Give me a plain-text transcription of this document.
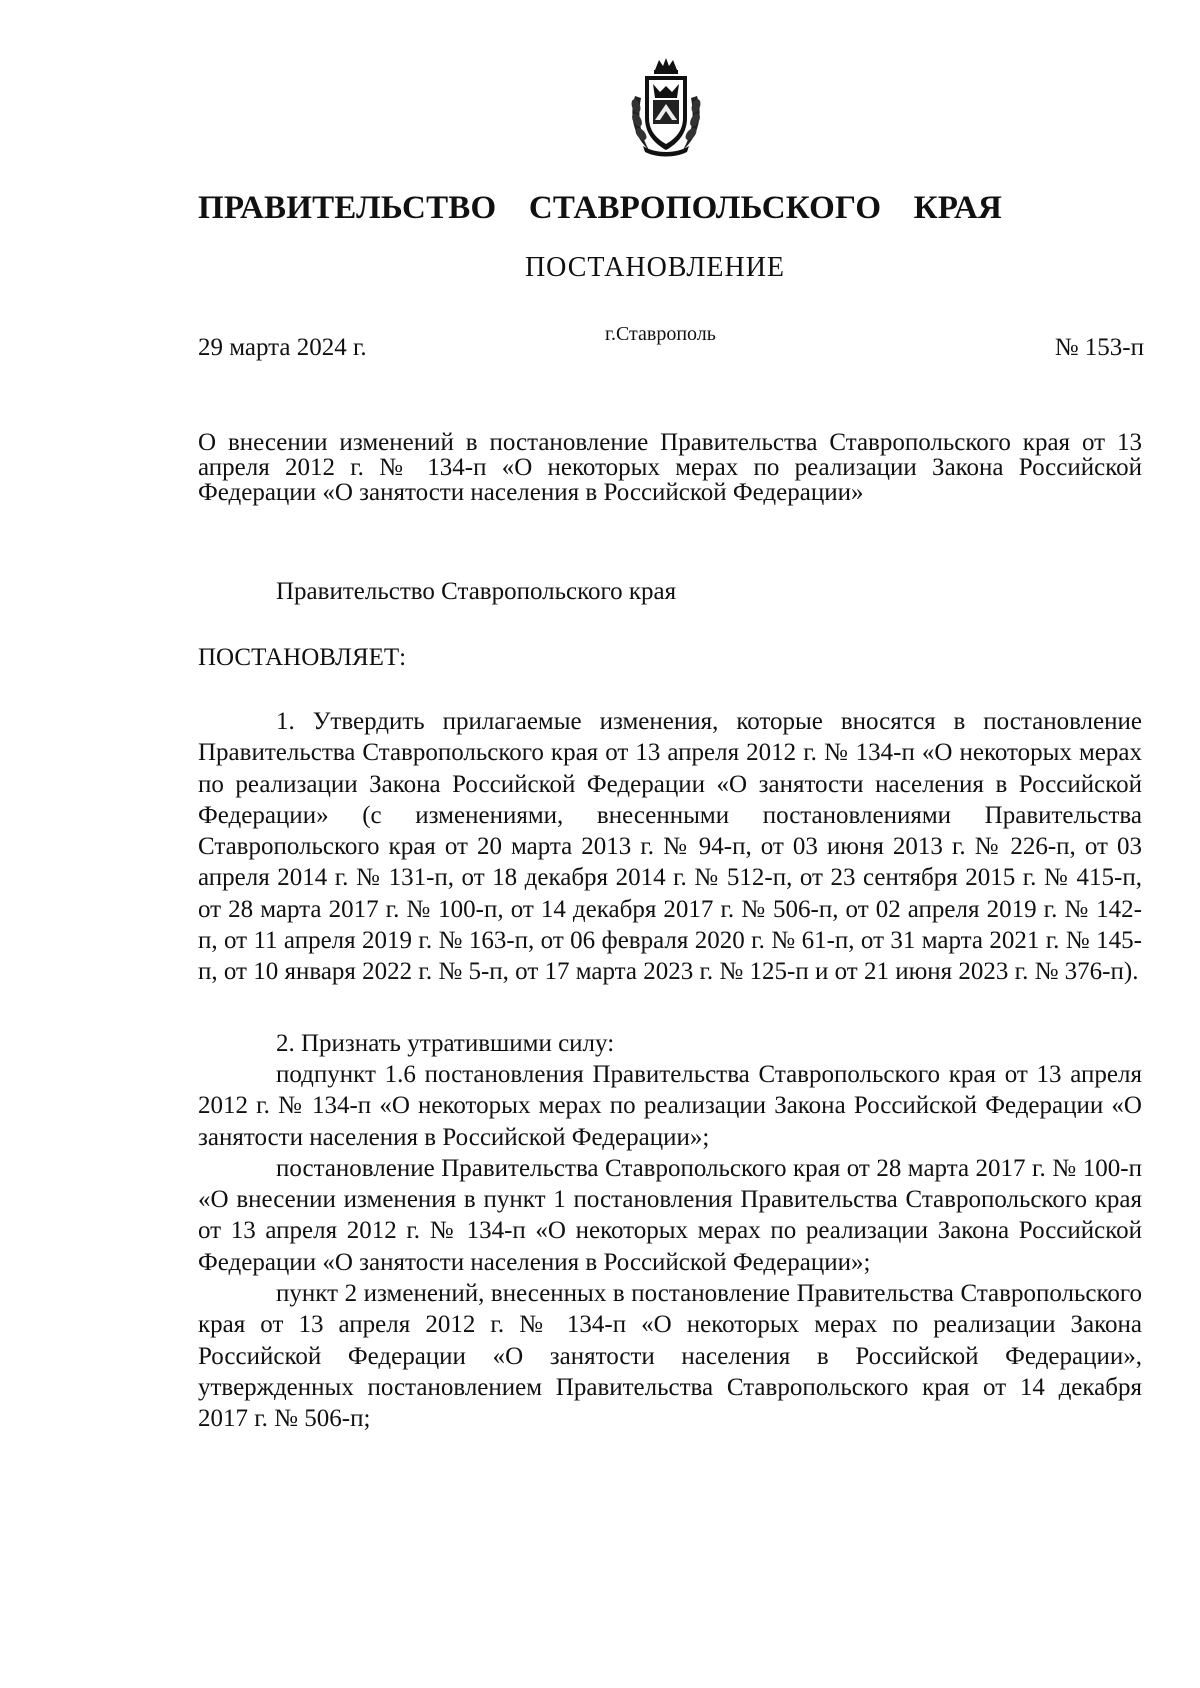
ПРАВИТЕЛЬСТВО СТАВРОПОЛЬСКОГО КРАЯ
ПОСТАНОВЛЕНИЕ
29 марта 2024 г.	г.Ставрополь	№ 153-п
О внесении изменений в постановление Правительства Ставропольского края от 13 апреля 2012 г. № 134-п «О некоторых мерах по реализации Закона Российской Федерации «О занятости населения в Российской Федерации»
Правительство Ставропольского края
ПОСТАНОВЛЯЕТ:

1. Утвердить прилагаемые изменения, которые вносятся в постановление Правительства Ставропольского края от 13 апреля 2012 г. № 134-п «О некоторых мерах по реализации Закона Российской Федерации «О занятости населения в Российской Федерации» (с изменениями, внесенными постановлениями Правительства Ставропольского края от 20 марта 2013 г. № 94-п, от 03 июня 2013 г. № 226-п, от 03 апреля 2014 г. № 131-п, от 18 декабря 2014 г. № 512-п, от 23 сентября 2015 г. № 415-п, от 28 марта 2017 г. № 100-п, от 14 декабря 2017 г. № 506-п, от 02 апреля 2019 г. № 142-п, от 11 апреля 2019 г. № 163-п, от 06 февраля 2020 г. № 61-п, от 31 марта 2021 г. № 145-п, от 10 января 2022 г. № 5-п, от 17 марта 2023 г. № 125-п и от 21 июня 2023 г. № 376-п).

2. Признать утратившими силу:

подпункт 1.6 постановления Правительства Ставропольского края от 13 апреля 2012 г. № 134-п «О некоторых мерах по реализации Закона Российской Федерации «О занятости населения в Российской Федерации»;

постановление Правительства Ставропольского края от 28 марта 2017 г. № 100-п «О внесении изменения в пункт 1 постановления Правительства Ставропольского края от 13 апреля 2012 г. № 134-п «О некоторых мерах по реализации Закона Российской Федерации «О занятости населения в Российской Федерации»;

пункт 2 изменений, внесенных в постановление Правительства Ставропольского края от 13 апреля 2012 г. № 134-п «О некоторых мерах по реализации Закона Российской Федерации «О занятости населения в Российской Федерации», утвержденных постановлением Правительства Ставропольского края от 14 декабря 2017 г. № 506-п;
